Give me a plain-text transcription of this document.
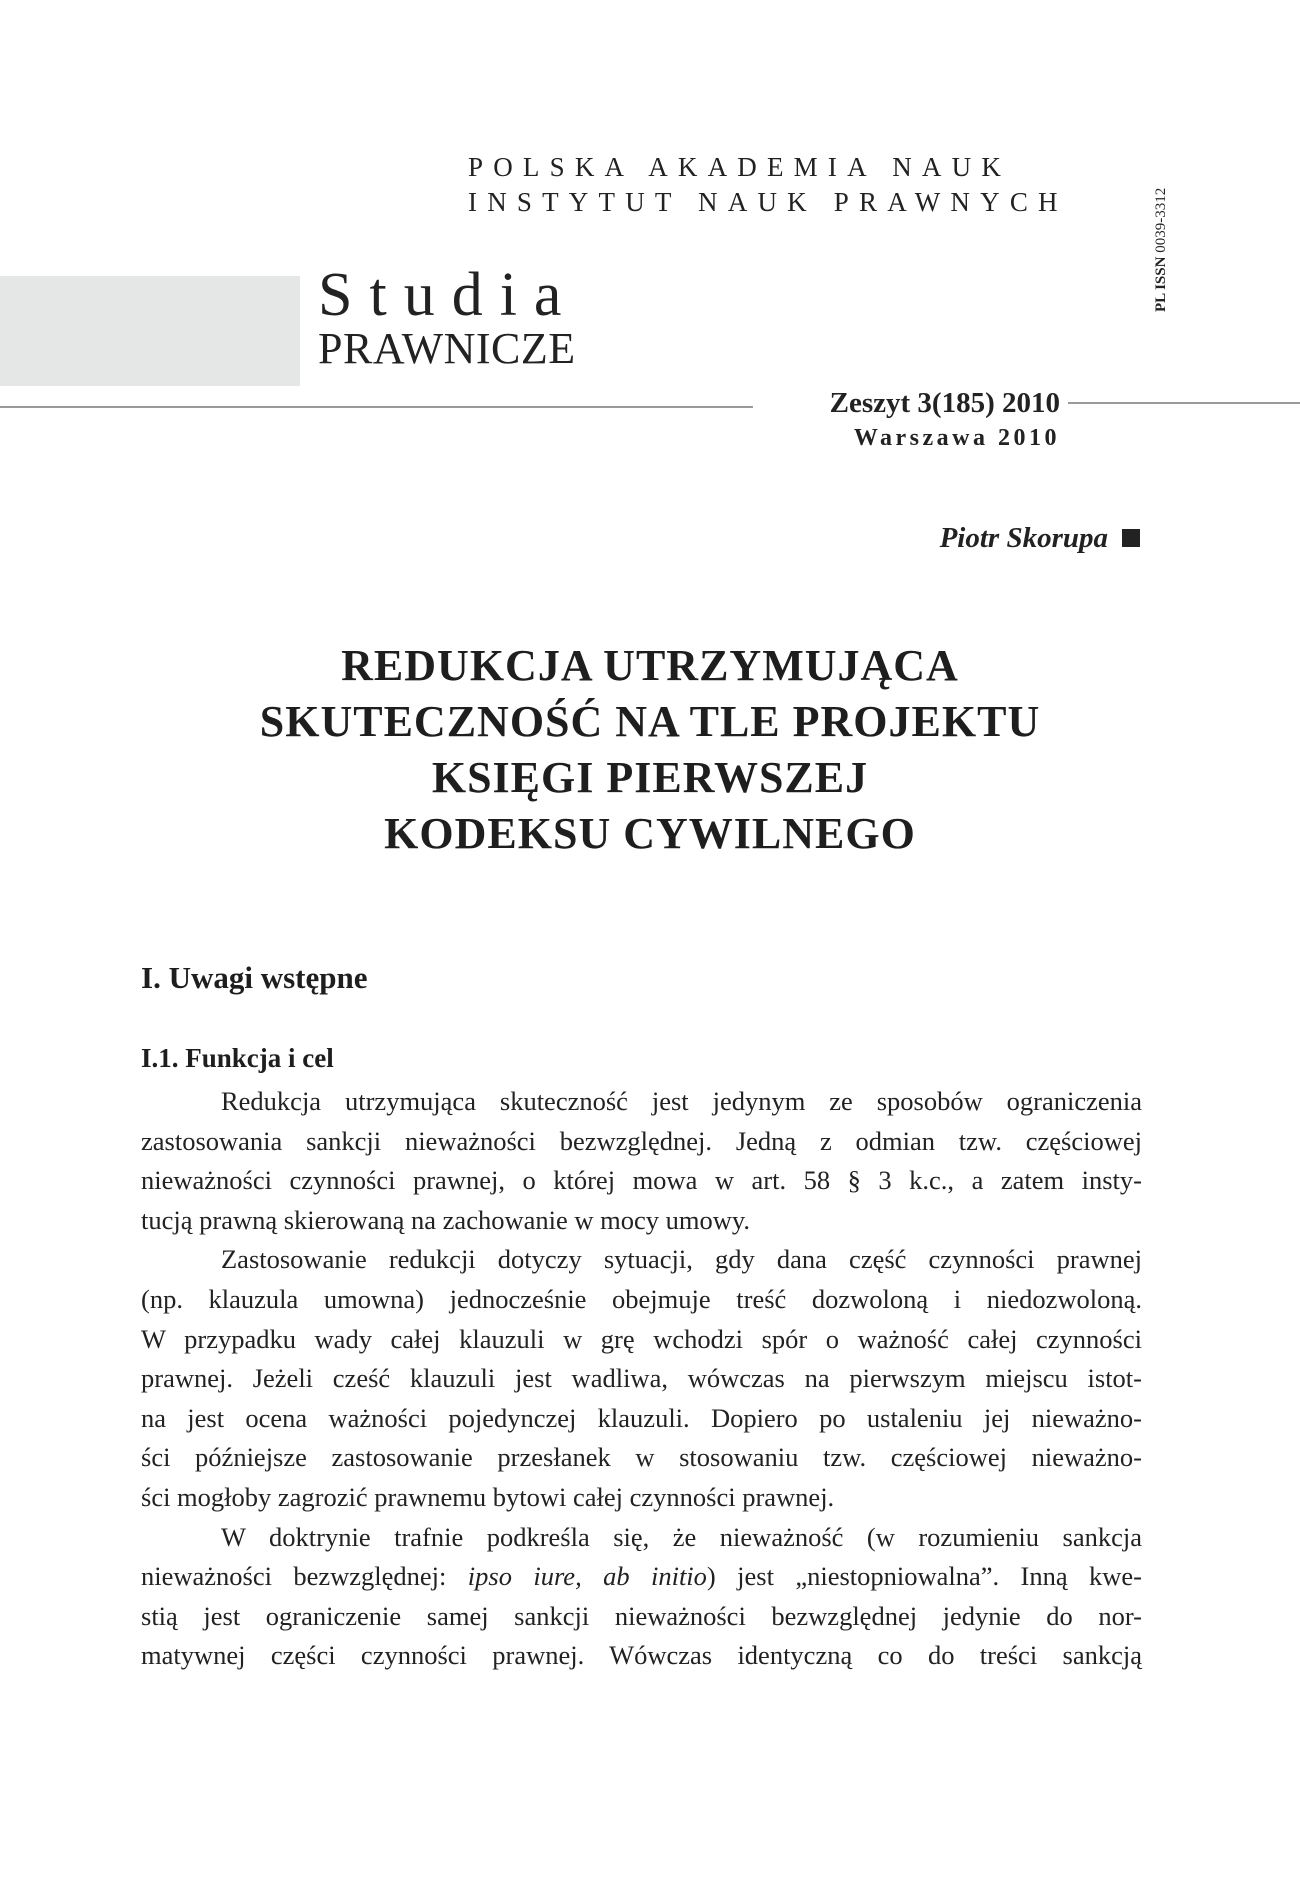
POLSKA AKADEMIA NAUK
INSTYTUT NAUK PRAWNYCH
PL ISSN 0039-3312
Studia
PRAWNICZE
Zeszyt 3(185) 2010
Warszawa 2010
Piotr Skorupa
REDUKCJA UTRZYMUJĄCA
SKUTECZNOŚĆ NA TLE PROJEKTU
KSIĘGI PIERWSZEJ
KODEKSU CYWILNEGO
I. Uwagi wstępne
I.1. Funkcja i cel
Redukcja utrzymująca skuteczność jest jedynym ze sposobów ograniczenia
zastosowania sankcji nieważności bezwzględnej. Jedną z odmian tzw. częściowej
nieważności czynności prawnej, o której mowa w art. 58 § 3 k.c., a zatem insty-
tucją prawną skierowaną na zachowanie w mocy umowy.
Zastosowanie redukcji dotyczy sytuacji, gdy dana część czynności prawnej
(np. klauzula umowna) jednocześnie obejmuje treść dozwoloną i niedozwoloną.
W przypadku wady całej klauzuli w grę wchodzi spór o ważność całej czynności
prawnej. Jeżeli cześć klauzuli jest wadliwa, wówczas na pierwszym miejscu istot-
na jest ocena ważności pojedynczej klauzuli. Dopiero po ustaleniu jej nieważno-
ści późniejsze zastosowanie przesłanek w stosowaniu tzw. częściowej nieważno-
ści mogłoby zagrozić prawnemu bytowi całej czynności prawnej.
W doktrynie trafnie podkreśla się, że nieważność (w rozumieniu sankcja
nieważności bezwzględnej: ipso iure, ab initio) jest „niestopniowalna”. Inną kwe-
stią jest ograniczenie samej sankcji nieważności bezwzględnej jedynie do nor-
matywnej części czynności prawnej. Wówczas identyczną co do treści sankcją
